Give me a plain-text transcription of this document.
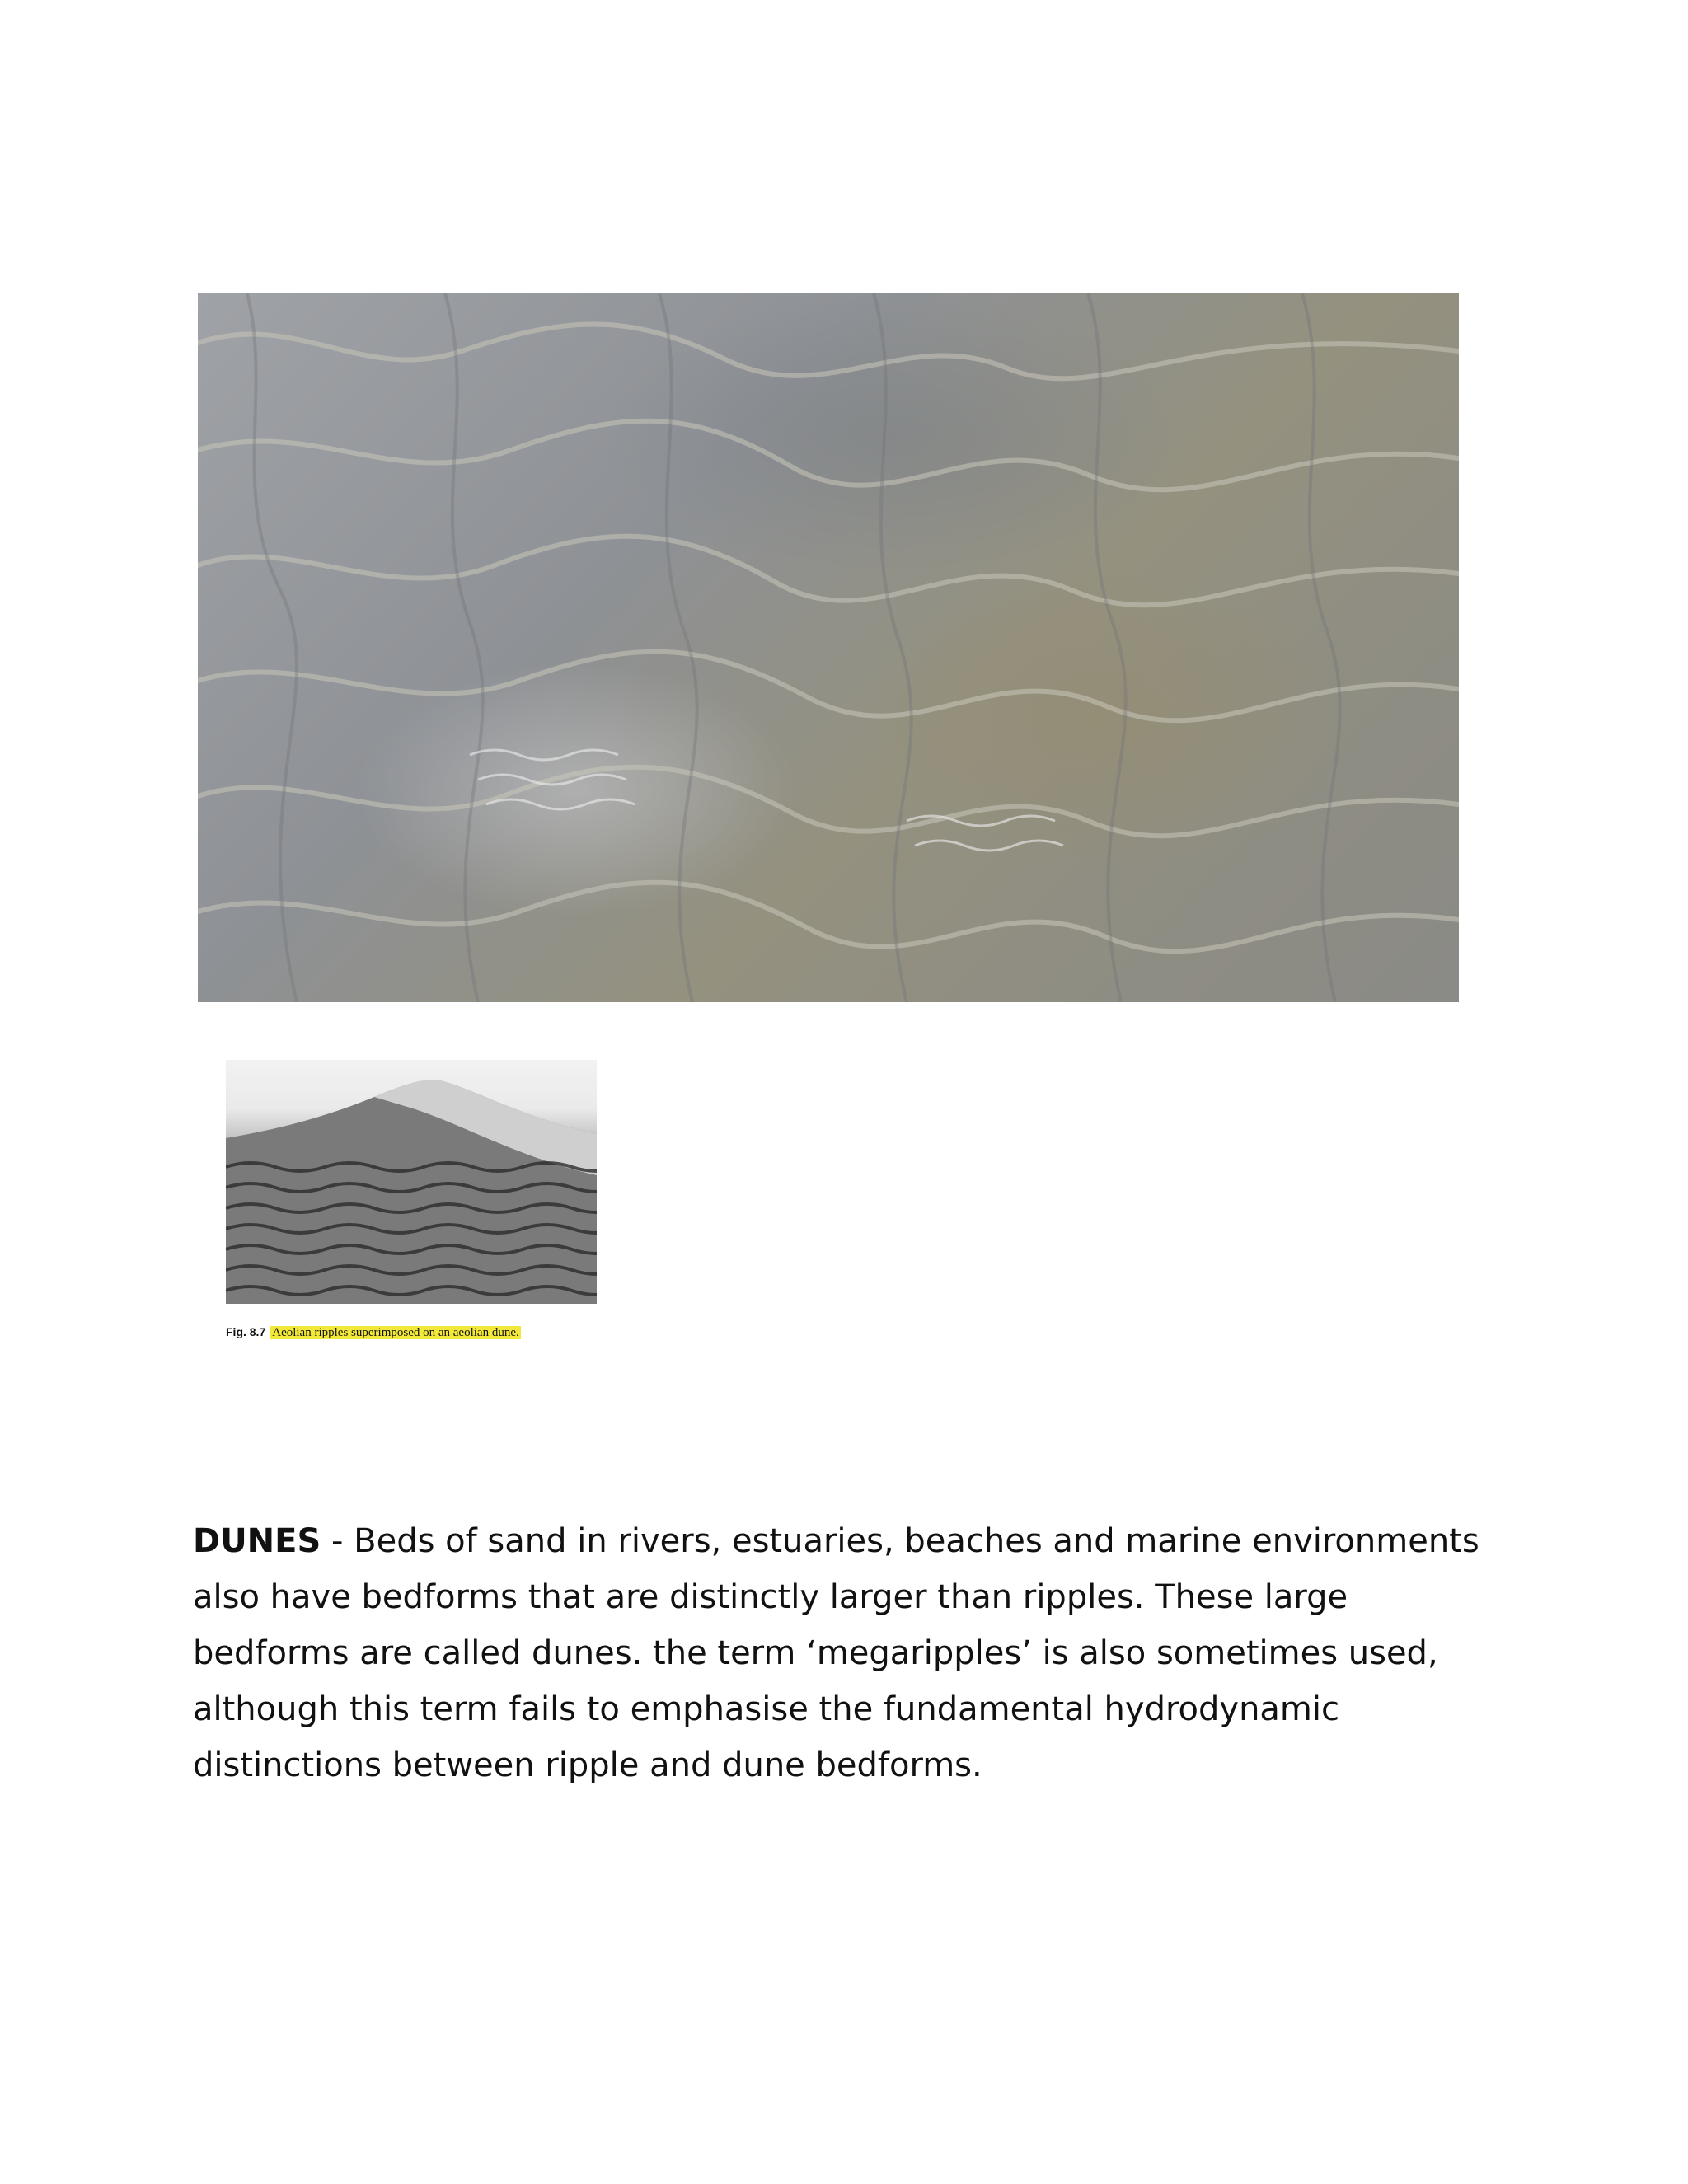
Fig. 8.7 Aeolian ripples superimposed on an aeolian dune.

DUNES - Beds of sand in rivers, estuaries, beaches and marine environments also have bedforms that are distinctly larger than ripples. These large bedforms are called dunes. the term ‘megaripples’ is also sometimes used, although this term fails to emphasise the fundamental hydrodynamic distinctions between ripple and dune bedforms.
